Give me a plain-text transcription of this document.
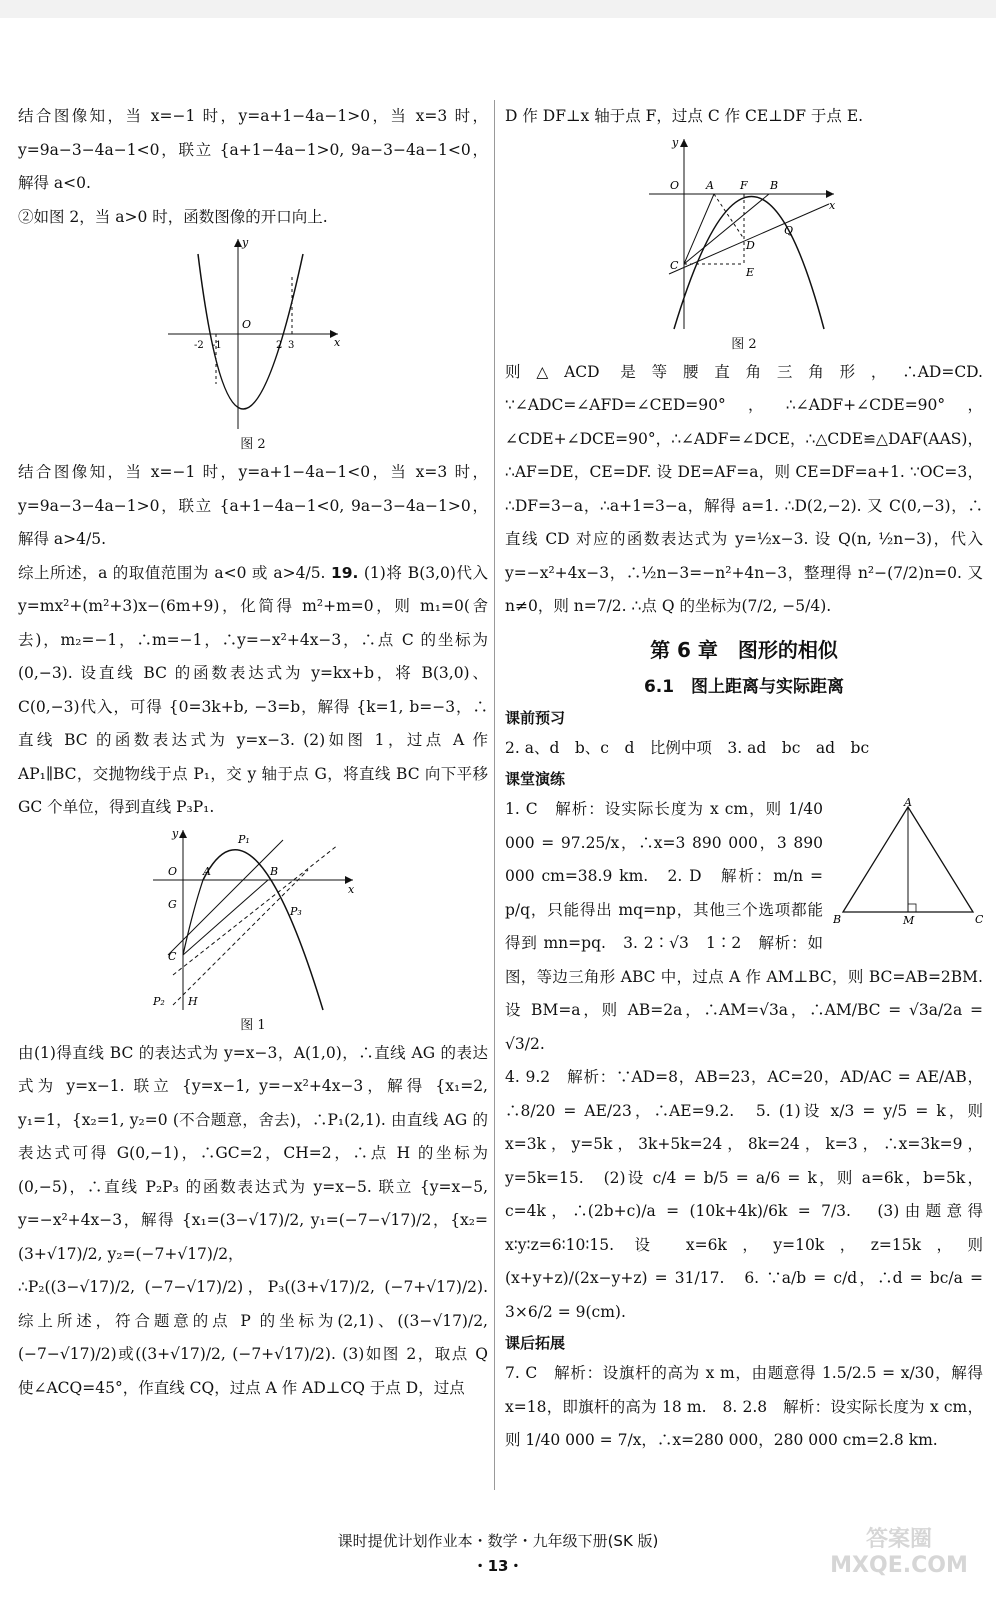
结合图像知，当 x=−1 时，y=a+1−4a−1>0，当 x=3 时，y=9a−3−4a−1<0，联立 {a+1−4a−1>0, 9a−3−4a−1<0，解得 a<0.

②如图 2，当 a>0 时，函数图像的开口向上.

x
y
O
-2 -1	2 3
图 2

结合图像知，当 x=−1 时，y=a+1−4a−1<0，当 x=3 时，y=9a−3−4a−1>0，联立 {a+1−4a−1<0, 9a−3−4a−1>0，解得 a>4/5.

综上所述，a 的取值范围为 a<0 或 a>4/5. 19. (1)将 B(3,0)代入 y=mx²+(m²+3)x−(6m+9)，化简得 m²+m=0，则 m₁=0(舍去)，m₂=−1，∴m=−1，∴y=−x²+4x−3，∴点 C 的坐标为(0,−3). 设直线 BC 的函数表达式为 y=kx+b，将 B(3,0)、C(0,−3)代入，可得 {0=3k+b, −3=b，解得 {k=1, b=−3，∴直线 BC 的函数表达式为 y=x−3. (2)如图 1，过点 A 作 AP₁∥BC，交抛物线于点 P₁，交 y 轴于点 G，将直线 BC 向下平移 GC 个单位，得到直线 P₃P₁.

x
y
O A	B
G
C
H
P₁
P₃
P₂
图 1

由(1)得直线 BC 的表达式为 y=x−3，A(1,0)，∴直线 AG 的表达式为 y=x−1. 联立 {y=x−1, y=−x²+4x−3，解得 {x₁=2, y₁=1，{x₂=1, y₂=0 (不合题意，舍去)，∴P₁(2,1). 由直线 AG 的表达式可得 G(0,−1)，∴GC=2，CH=2，∴点 H 的坐标为(0,−5)，∴直线 P₂P₃ 的函数表达式为 y=x−5. 联立 {y=x−5, y=−x²+4x−3，解得 {x₁=(3−√17)/2, y₁=(−7−√17)/2，{x₂=(3+√17)/2, y₂=(−7+√17)/2，

∴P₂((3−√17)/2, (−7−√17)/2)，P₃((3+√17)/2, (−7+√17)/2). 综上所述，符合题意的点 P 的坐标为(2,1)、((3−√17)/2, (−7−√17)/2)或((3+√17)/2, (−7+√17)/2). (3)如图 2，取点 Q 使∠ACQ=45°，作直线 CQ，过点 A 作 AD⊥CQ 于点 D，过点

D 作 DF⊥x 轴于点 F，过点 C 作 CE⊥DF 于点 E.

x
y
O A F B
D
Q
C
E
图 2

则△ACD 是等腰直角三角形，∴AD=CD. ∵∠ADC=∠AFD=∠CED=90°，∴∠ADF+∠CDE=90°，∠CDE+∠DCE=90°，∴∠ADF=∠DCE，∴△CDE≌△DAF(AAS)，∴AF=DE，CE=DF. 设 DE=AF=a，则 CE=DF=a+1. ∵OC=3，∴DF=3−a，∴a+1=3−a，解得 a=1. ∴D(2,−2). 又 C(0,−3)，∴直线 CD 对应的函数表达式为 y=½x−3. 设 Q(n, ½n−3)，代入 y=−x²+4x−3，∴½n−3=−n²+4n−3，整理得 n²−(7/2)n=0. 又 n≠0，则 n=7/2. ∴点 Q 的坐标为(7/2, −5/4).

第 6 章　图形的相似
6.1　图上距离与实际距离
课前预习

2. a、d　b、c　d　比例中项　3. ad　bc　ad　bc

课堂演练
A
B	C
M

1. C　解析：设实际长度为 x cm，则 1/40 000 = 97.25/x，∴x=3 890 000，3 890 000 cm=38.9 km.　2. D　解析：m/n = p/q，只能得出 mq=np，其他三个选项都能得到 mn=pq.　3. 2∶√3　1∶2　解析：如图，等边三角形 ABC 中，过点 A 作 AM⊥BC，则 BC=AB=2BM. 设 BM=a，则 AB=2a，∴AM=√3a，∴AM/BC = √3a/2a = √3/2.

4. 9.2　解析：∵AD=8，AB=23，AC=20，AD/AC = AE/AB，∴8/20 = AE/23，∴AE=9.2.　5. (1)设 x/3 = y/5 = k，则 x=3k，y=5k，3k+5k=24，8k=24，k=3，∴x=3k=9，y=5k=15.　(2)设 c/4 = b/5 = a/6 = k，则 a=6k，b=5k，c=4k，∴(2b+c)/a = (10k+4k)/6k = 7/3.　(3)由题意得 x∶y∶z=6∶10∶15. 设 x=6k，y=10k，z=15k，则 (x+y+z)/(2x−y+z) = 31/17.　6. ∵a/b = c/d，∴d = bc/a = 3×6/2 = 9(cm).

课后拓展

7. C　解析：设旗杆的高为 x m，由题意得 1.5/2.5 = x/30，解得 x=18，即旗杆的高为 18 m.　8. 2.8　解析：设实际长度为 x cm，则 1/40 000 = 7/x，∴x=280 000，280 000 cm=2.8 km.

课时提优计划作业本・数学・九年级下册(SK 版)
・13・
答案圈 MXQE.COM
